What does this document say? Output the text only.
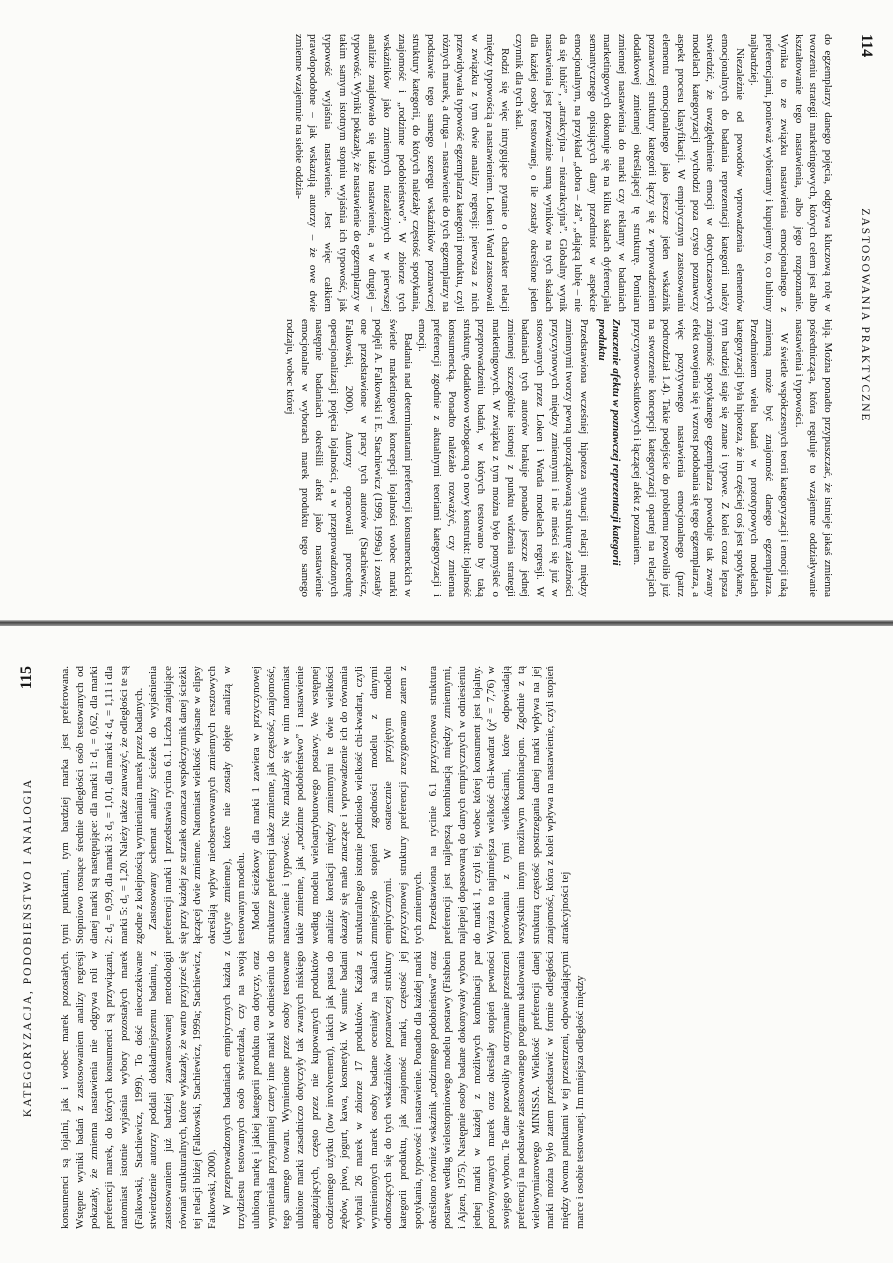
114
ZASTOSOWANIA PRAKTYCZNE

do egzemplarzy danego pojęcia, odgrywa kluczową rolę w tworzeniu strategii marketingowych, których celem jest albo kształtowanie tego nastawienia, albo jego rozpoznanie. Wynika to ze związku nastawienia emocjonalnego z preferencjami, ponieważ wybieramy i kupujemy to, co lubimy najbardziej.

Niezależnie od powodów wprowadzenia elementów emocjonalnych do badania reprezentacji kategorii należy stwierdzić, że uwzględnienie emocji w dotychczasowych modelach kategoryzacji wychodzi poza czysto poznawczy aspekt procesu klasyfikacji. W empirycznym zastosowaniu elementu emocjonalnego jako jeszcze jeden wskaźnik poznawczej struktury kategorii łączy się z wprowadzeniem dodatkowej zmiennej określającej tę strukturę. Pomiaru zmiennej nastawienia do marki czy reklamy w badaniach marketingowych dokonuje się na kilku skalach dyferencjału semantycznego opisujących dany przedmiot w aspekcie emocjonalnym, na przykład „dobra – zła”, „dającą lubię – nie da się lubić”, „atrakcyjna – nieatrakcyjna”. Globalny wynik nastawienia jest przeważnie sumą wyników na tych skalach dla każdej osoby testowanej, o ile zostały określone jeden czynnik dla tych skal.

Rodzi się więc intrygujące pytanie o charakter relacji między typowością a nastawieniem. Loken i Ward zastosowali w związku z tym dwie analizy regresji: pierwsza z nich przewidywała typowość egzemplarza kategorii produktu, czyli różnych marek, a druga – nastawienie do tych egzemplarzy na podstawie tego samego szeregu wskaźników poznawczej struktury kategorii, do których należały częstość spotykania, znajomość i „rodzinne podobieństwo”. W zbiorze tych wskaźników jako zmiennych niezależnych w pierwszej analizie znajdowało się także nastawienie, a w drugiej – typowość. Wyniki pokazały, że nastawienie do egzemplarzy w takim samym istotnym stopniu wyjaśnia ich typowość, jak typowość wyjaśnia nastawienie. Jest więc całkiem prawdopodobne – jak wskazują autorzy – że owe dwie zmienne wzajemnie na siebie oddzia-

łują. Można ponadto przypuszczać, że istnieje jakaś zmienna pośrednicząca, która reguluje to wzajemne oddziaływanie nastawienia i typowości.

W świetle współczesnych teorii kategoryzacji i emocji taką zmienną może być znajomość danego egzemplarza. Przedmiotem wielu badań w prototypowych modelach kategoryzacji była hipoteza, że im częściej coś jest spotykane, tym bardziej staje się znane i typowe. Z kolei coraz lepsza znajomość spotykanego egzemplarza powoduje tak zwany efekt oswojenia się i wzrost podobania się tego egzemplarza, a więc pozytywnego nastawienia emocjonalnego (patrz podrozdział 1.4). Takie podejście do problemu pozwoliło już na stworzenie koncepcji kategoryzacji opartej na relacjach przyczynowo-skutkowych i łączącej afekt z poznaniem.

Znaczenie afektu w poznawczej reprezentacji kategorii produktu

Przedstawiona wcześniej hipoteza sytuacji relacji między zmiennymi tworzy pewną uporządkowaną strukturę zależności przyczynowych między zmiennymi i nie mieści się już w stosowanych przez Loken i Warda modelach regresji. W badaniach tych autorów brakuje ponadto jeszcze jednej zmiennej szczególnie istotnej z punktu widzenia strategii marketingowych. W związku z tym można było pomyśleć o przeprowadzeniu badań, w których testowano by taką strukturę, dodatkowo wzbogaconą o nowy konstrukt: lojalność konsumencką. Ponadto należało rozważyć, czy zmienna preferencji zgodnie z aktualnymi teoriami kategoryzacji i emocji.

Badania nad determinantami preferencji konsumenckich w świetle marketingowej koncepcji lojalności wobec marki podjęli A. Falkowski i E. Stachiewicz (1999, 1999a) i zostały one przedstawione w pracy tych autorów (Stachiewicz, Falkowski, 2000). Autorzy opracowali procedurę operacjonalizacji pojęcia lojalności, a w przeprowadzonych następnie badaniach określili afekt jako nastawienie emocjonalne w wyborach marek produktu tego samego rodzaju, wobec której

KATEGORYZACJA, PODOBIEŃSTWO I ANALOGIA
115

konsumenci są lojalni, jak i wobec marek pozostałych. Wstępne wyniki badań z zastosowaniem analizy regresji pokazały, że zmienna nastawienia nie odgrywa roli w preferencji marek, do których konsumenci są przywiązani, natomiast istotnie wyjaśnia wybory pozostałych marek (Falkowski, Stachiewicz, 1999). To dość nieoczekiwane stwierdzenie autorzy poddali dokładniejszemu badaniu, z zastosowaniem już bardziej zaawansowanej metodologii równań strukturalnych, które wykazały, że warto przyjrzeć się tej relacji bliżej (Falkowski, Stachiewicz, 1999a; Stachiewicz, Falkowski, 2000). W przeprowadzonych badaniach empirycznych każda z trzydziestu testowanych osób stwierdzała, czy na swoją ulubioną markę i jakiej kategorii produktu ona dotyczy, oraz wymieniała przynajmniej cztery inne marki w odniesieniu do tego samego towaru. Wymienione przez osoby testowane ulubione marki zasadniczo dotyczyły tak zwanych niskiego angażujących, często przez nie kupowanych produktów codziennego użytku (low involvement), takich jak pasta do zębów, piwo, jogurt, kawa, kosmetyki. W sumie badani wybrali 26 marek w zbiorze 17 produktów. Każda z wymienionych marek osoby badane oceniały na skalach odnoszących się do tych wskaźników poznawczej struktury kategorii produktu, jak znajomość marki, częstość jej spotykania, typowość i nastawienie. Ponadto dla każdej marki określono również wskaźnik „rodzinnego podobieństwa” oraz postawę według wielostopniowego modelu postawy (Fishbein i Ajzen, 1975). Następnie osoby badane dokonywały wyboru jednej marki w każdej z możliwych kombinacji par porównywanych marek oraz określały stopień pewności swojego wyboru. Te dane pozwoliły na otrzymanie przestrzeni preferencji na podstawie zastosowanego programu skalowania wielowymiarowego MINISSA. Wielkość preferencji danej marki można było zatem przedstawić w formie odległości między dwoma punktami w tej przestrzeni, odpowiadającymi marce i osobie testowanej. Im mniejsza odległość między

tymi punktami, tym bardziej marka jest preferowana. Stopniowo rosnące średnie odległości osób testowanych od danej marki są następujące: dla marki 1: d₁ = 0,62, dla marki 2: d₂ = 0,99, dla marki 3: d₃ = 1,01, dla marki 4: d₄ = 1,11 i dla marki 5: d₅ = 1,20. Należy także zauważyć, że odległości te są zgodne z kolejnością wymieniania marek przez badanych. Zastosowany schemat analizy ścieżek do wyjaśnienia preferencji marki 1 przedstawia rycina 6.1. Liczba znajdujące się przy każdej ze strzałek oznacza współczynnik danej ścieżki łączącej dwie zmienne. Natomiast wielkość wpisane w elipsy określają wpływ nieobserwowanych zmiennych resztowych (ukryte zmienne), które nie zostały objęte analizą w testowanym modelu. Model ścieżkowy dla marki 1 zawiera w przyczynowej strukturze preferencji także zmienne, jak częstość, znajomość, nastawienie i typowość. Nie znalazły się w nim natomiast takie zmienne, jak „rodzinne podobieństwo” i nastawienie według modelu wieloatrybutowego postawy. We wstępnej analizie korelacji między zmiennymi te dwie wielkości okazały się mało znaczące i wprowadzenie ich do równania strukturalnego istotnie podniosło wielkość chi-kwadrat, czyli zmniejszyło stopień zgodności modelu z danymi empirycznymi. W ostatecznie przyjętym modelu przyczynowej struktury preferencji zrezygnowano zatem z tych zmiennych. Przedstawiona na rycinie 6.1 przyczynowa struktura preferencji jest najlepszą kombinacją między zmiennymi, najlepiej dopasowaną do danych empirycznych w odniesieniu do marki 1, czyli tej, wobec której konsument jest lojalny. Wyraża to najmniejsza wielkość chi-kwadrat (χ² = 7,76) w porównaniu z tymi wielkościami, które odpowiadają wszystkim innym możliwym kombinacjom. Zgodnie z tą strukturą częstość spostrzegania danej marki wpływa na jej znajomość, która z kolei wpływa na nastawienie, czyli stopień atrakcyjności tej
